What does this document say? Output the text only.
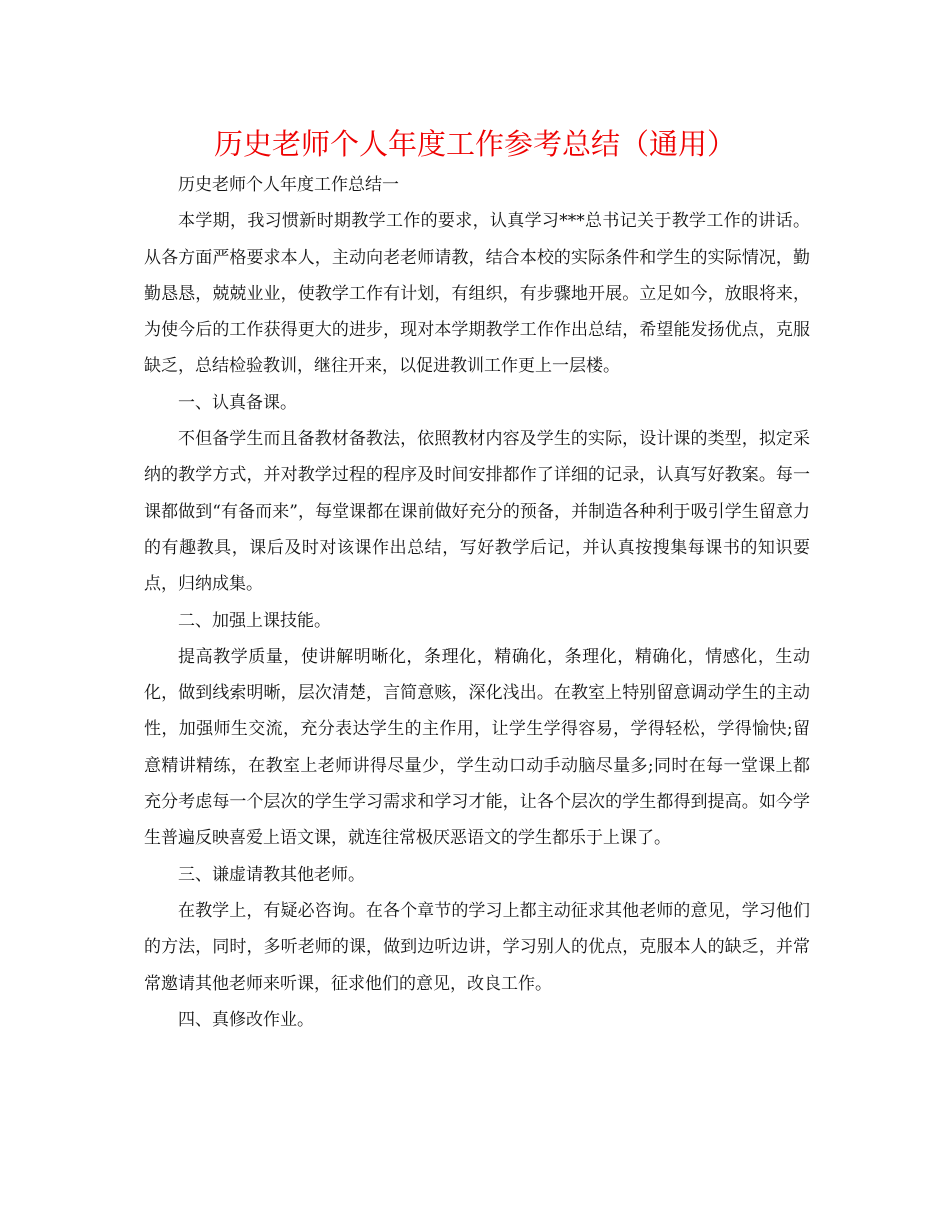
历史老师个人年度工作参考总结（通用）

历史老师个人年度工作总结一

本学期，我习惯新时期教学工作的要求，认真学习***总书记关于教学工作的讲话。从各方面严格要求本人，主动向老老师请教，结合本校的实际条件和学生的实际情况，勤勤恳恳，兢兢业业，使教学工作有计划，有组织，有步骤地开展。立足如今，放眼将来，为使今后的工作获得更大的进步，现对本学期教学工作作出总结，希望能发扬优点，克服缺乏，总结检验教训，继往开来，以促进教训工作更上一层楼。

一、认真备课。

不但备学生而且备教材备教法，依照教材内容及学生的实际，设计课的类型，拟定采纳的教学方式，并对教学过程的程序及时间安排都作了详细的记录，认真写好教案。每一课都做到“有备而来”，每堂课都在课前做好充分的预备，并制造各种利于吸引学生留意力的有趣教具，课后及时对该课作出总结，写好教学后记，并认真按搜集每课书的知识要点，归纳成集。

二、加强上课技能。

提高教学质量，使讲解明晰化，条理化，精确化，条理化，精确化，情感化，生动化，做到线索明晰，层次清楚，言简意赅，深化浅出。在教室上特别留意调动学生的主动性，加强师生交流，充分表达学生的主作用，让学生学得容易，学得轻松，学得愉快;留意精讲精练，在教室上老师讲得尽量少，学生动口动手动脑尽量多;同时在每一堂课上都充分考虑每一个层次的学生学习需求和学习才能，让各个层次的学生都得到提高。如今学生普遍反映喜爱上语文课，就连往常极厌恶语文的学生都乐于上课了。

三、谦虚请教其他老师。

在教学上，有疑必咨询。在各个章节的学习上都主动征求其他老师的意见，学习他们的方法，同时，多听老师的课，做到边听边讲，学习别人的优点，克服本人的缺乏，并常常邀请其他老师来听课，征求他们的意见，改良工作。

四、真修改作业。
